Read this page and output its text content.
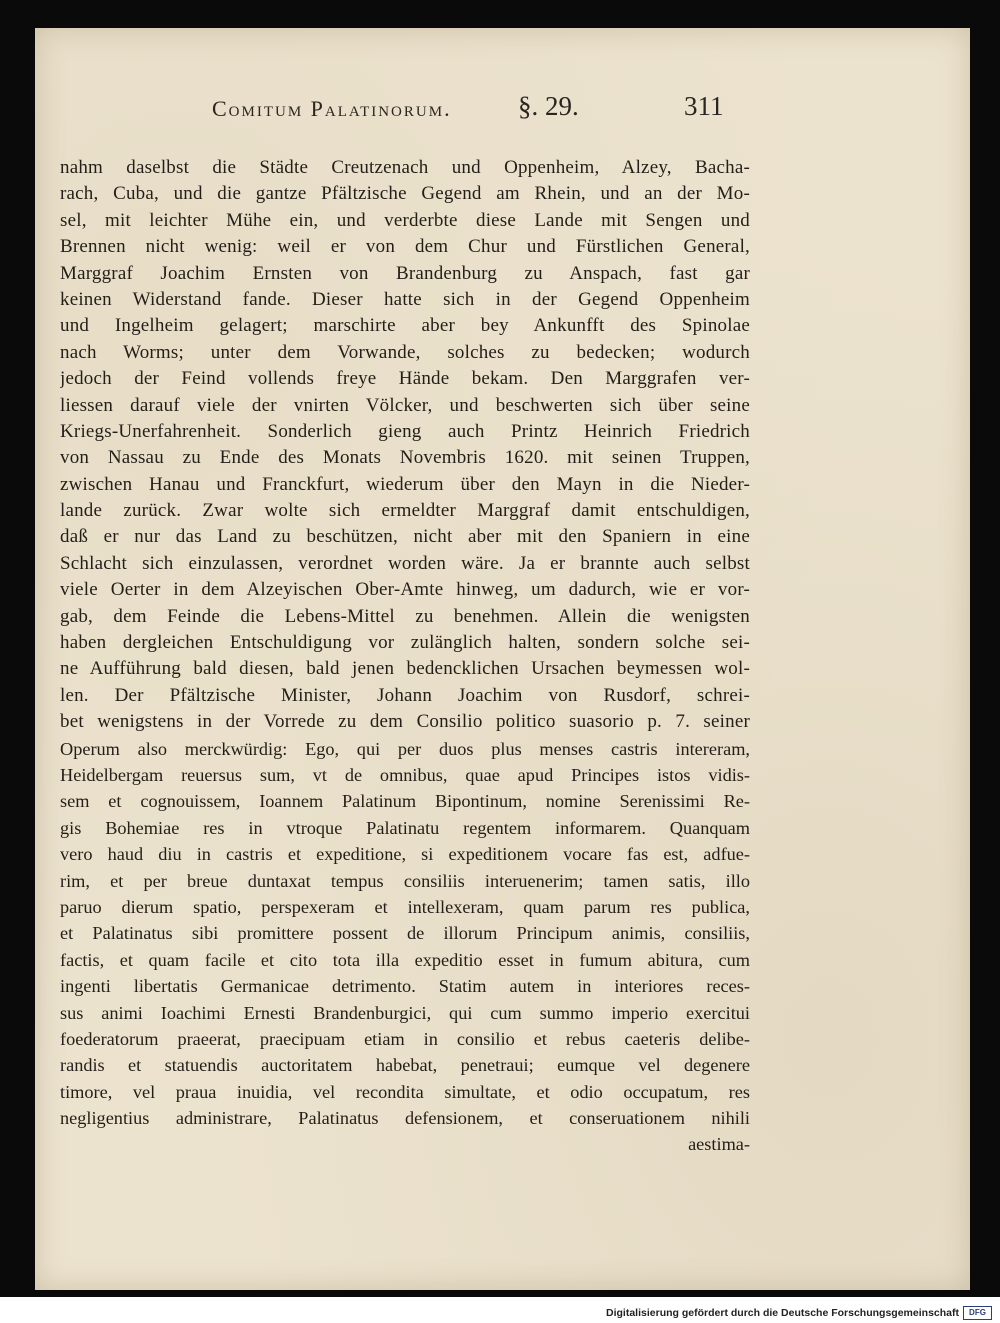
Comitum Palatinorum. §. 29.	311
nahm daselbst die Städte Creutzenach und Oppenheim, Alzey, Bacha-
rach, Cuba, und die gantze Pfältzische Gegend am Rhein, und an der Mo-
sel, mit leichter Mühe ein, und verderbte diese Lande mit Sengen und
Brennen nicht wenig: weil er von dem Chur und Fürstlichen General,
Marggraf Joachim Ernsten von Brandenburg zu Anspach, fast gar
keinen Widerstand fande. Dieser hatte sich in der Gegend Oppenheim
und Ingelheim gelagert; marschirte aber bey Ankunfft des Spinolae
nach Worms; unter dem Vorwande, solches zu bedecken; wodurch
jedoch der Feind vollends freye Hände bekam. Den Marggrafen ver-
liessen darauf viele der vnirten Völcker, und beschwerten sich über seine
Kriegs-Unerfahrenheit. Sonderlich gieng auch Printz Heinrich Friedrich
von Nassau zu Ende des Monats Novembris 1620. mit seinen Truppen,
zwischen Hanau und Franckfurt, wiederum über den Mayn in die Nieder-
lande zurück. Zwar wolte sich ermeldter Marggraf damit entschuldigen,
daß er nur das Land zu beschützen, nicht aber mit den Spaniern in eine
Schlacht sich einzulassen, verordnet worden wäre. Ja er brannte auch selbst
viele Oerter in dem Alzeyischen Ober-Amte hinweg, um dadurch, wie er vor-
gab, dem Feinde die Lebens-Mittel zu benehmen. Allein die wenigsten
haben dergleichen Entschuldigung vor zulänglich halten, sondern solche sei-
ne Aufführung bald diesen, bald jenen bedencklichen Ursachen beymessen wol-
len. Der Pfältzische Minister, Johann Joachim von Rusdorf, schrei-
bet wenigstens in der Vorrede zu dem Consilio politico suasorio p. 7. seiner
Operum also merckwürdig: Ego, qui per duos plus menses castris intereram,
Heidelbergam reuersus sum, vt de omnibus, quae apud Principes istos vidis-
sem et cognouissem, Ioannem Palatinum Bipontinum, nomine Serenissimi Re-
gis Bohemiae res in vtroque Palatinatu regentem informarem. Quanquam
vero haud diu in castris et expeditione, si expeditionem vocare fas est, adfue-
rim, et per breue duntaxat tempus consiliis interuenerim; tamen satis, illo
paruo dierum spatio, perspexeram et intellexeram, quam parum res publica,
et Palatinatus sibi promittere possent de illorum Principum animis, consiliis,
factis, et quam facile et cito tota illa expeditio esset in fumum abitura, cum
ingenti libertatis Germanicae detrimento. Statim autem in interiores reces-
sus animi Ioachimi Ernesti Brandenburgici, qui cum summo imperio exercitui
foederatorum praeerat, praecipuam etiam in consilio et rebus caeteris delibe-
randis et statuendis auctoritatem habebat, penetraui; eumque vel degenere
timore, vel praua inuidia, vel recondita simultate, et odio occupatum, res
negligentius administrare, Palatinatus defensionem, et conseruationem nihili
aestima-
Digitalisierung gefördert durch die Deutsche Forschungsgemeinschaft	DFG
